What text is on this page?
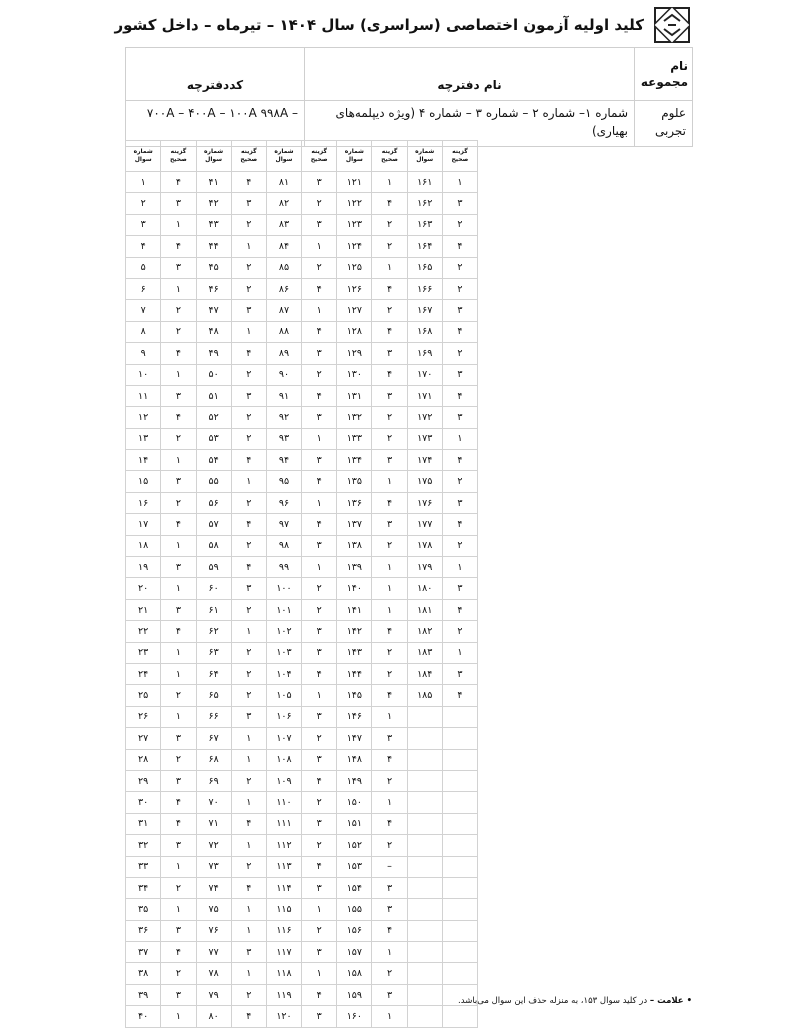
کلید اولیه آزمون اختصاصی (سراسری) سال ۱۴۰۴ – تیرماه – داخل کشور
نام مجموعه	نام دفترچه	کددفترچه
علوم تجربی	شماره ۱– شماره ۲ – شماره ۳ – شماره ۴ (ویژه دیپلمه‌های بهیاری)	– ۷۰۰A – ۴۰۰A – ۱۰۰A ۹۹۸A
گزینه صحیح	شماره سوال	گزینه صحیح	شماره سوال	گزینه صحیح	شماره سوال	گزینه صحیح	شماره سوال	گزینه صحیح	شماره سوال
۱	۱۶۱	۱	۱۲۱	۳	۸۱	۴	۴۱	۴	۱
۳	۱۶۲	۴	۱۲۲	۲	۸۲	۳	۴۲	۳	۲
۲	۱۶۳	۲	۱۲۳	۳	۸۳	۲	۴۳	۱	۳
۴	۱۶۴	۲	۱۲۴	۱	۸۴	۱	۴۴	۴	۴
۲	۱۶۵	۱	۱۲۵	۲	۸۵	۲	۴۵	۳	۵
۲	۱۶۶	۴	۱۲۶	۴	۸۶	۲	۴۶	۱	۶
۳	۱۶۷	۲	۱۲۷	۱	۸۷	۳	۴۷	۲	۷
۴	۱۶۸	۴	۱۲۸	۴	۸۸	۱	۴۸	۲	۸
۲	۱۶۹	۳	۱۲۹	۳	۸۹	۴	۴۹	۴	۹
۳	۱۷۰	۴	۱۳۰	۲	۹۰	۲	۵۰	۱	۱۰
۴	۱۷۱	۳	۱۳۱	۴	۹۱	۳	۵۱	۳	۱۱
۳	۱۷۲	۲	۱۳۲	۳	۹۲	۲	۵۲	۴	۱۲
۱	۱۷۳	۲	۱۳۳	۱	۹۳	۲	۵۳	۲	۱۳
۴	۱۷۴	۳	۱۳۴	۳	۹۴	۴	۵۴	۱	۱۴
۲	۱۷۵	۱	۱۳۵	۴	۹۵	۱	۵۵	۳	۱۵
۳	۱۷۶	۴	۱۳۶	۱	۹۶	۲	۵۶	۲	۱۶
۴	۱۷۷	۳	۱۳۷	۴	۹۷	۴	۵۷	۴	۱۷
۲	۱۷۸	۲	۱۳۸	۳	۹۸	۲	۵۸	۱	۱۸
۱	۱۷۹	۱	۱۳۹	۱	۹۹	۴	۵۹	۳	۱۹
۳	۱۸۰	۱	۱۴۰	۲	۱۰۰	۳	۶۰	۱	۲۰
۴	۱۸۱	۱	۱۴۱	۲	۱۰۱	۲	۶۱	۳	۲۱
۲	۱۸۲	۴	۱۴۲	۳	۱۰۲	۱	۶۲	۴	۲۲
۱	۱۸۳	۲	۱۴۳	۳	۱۰۳	۲	۶۳	۱	۲۳
۳	۱۸۴	۲	۱۴۴	۴	۱۰۴	۲	۶۴	۱	۲۴
۴	۱۸۵	۴	۱۴۵	۱	۱۰۵	۲	۶۵	۲	۲۵
		۱	۱۴۶	۳	۱۰۶	۳	۶۶	۱	۲۶
		۳	۱۴۷	۲	۱۰۷	۱	۶۷	۳	۲۷
		۴	۱۴۸	۳	۱۰۸	۱	۶۸	۲	۲۸
		۲	۱۴۹	۴	۱۰۹	۲	۶۹	۳	۲۹
		۱	۱۵۰	۲	۱۱۰	۱	۷۰	۴	۳۰
		۴	۱۵۱	۳	۱۱۱	۴	۷۱	۴	۳۱
		۲	۱۵۲	۲	۱۱۲	۱	۷۲	۳	۳۲
		–	۱۵۳	۴	۱۱۳	۲	۷۳	۱	۳۳
		۳	۱۵۴	۳	۱۱۴	۴	۷۴	۲	۳۴
		۳	۱۵۵	۱	۱۱۵	۱	۷۵	۱	۳۵
		۴	۱۵۶	۲	۱۱۶	۱	۷۶	۳	۳۶
		۱	۱۵۷	۳	۱۱۷	۳	۷۷	۴	۳۷
		۲	۱۵۸	۱	۱۱۸	۱	۷۸	۲	۳۸
		۳	۱۵۹	۴	۱۱۹	۲	۷۹	۳	۳۹
		۱	۱۶۰	۳	۱۲۰	۴	۸۰	۱	۴۰
• علامت – در کلید سوال ۱۵۳، به منزله حذف این سوال می‌باشد.
